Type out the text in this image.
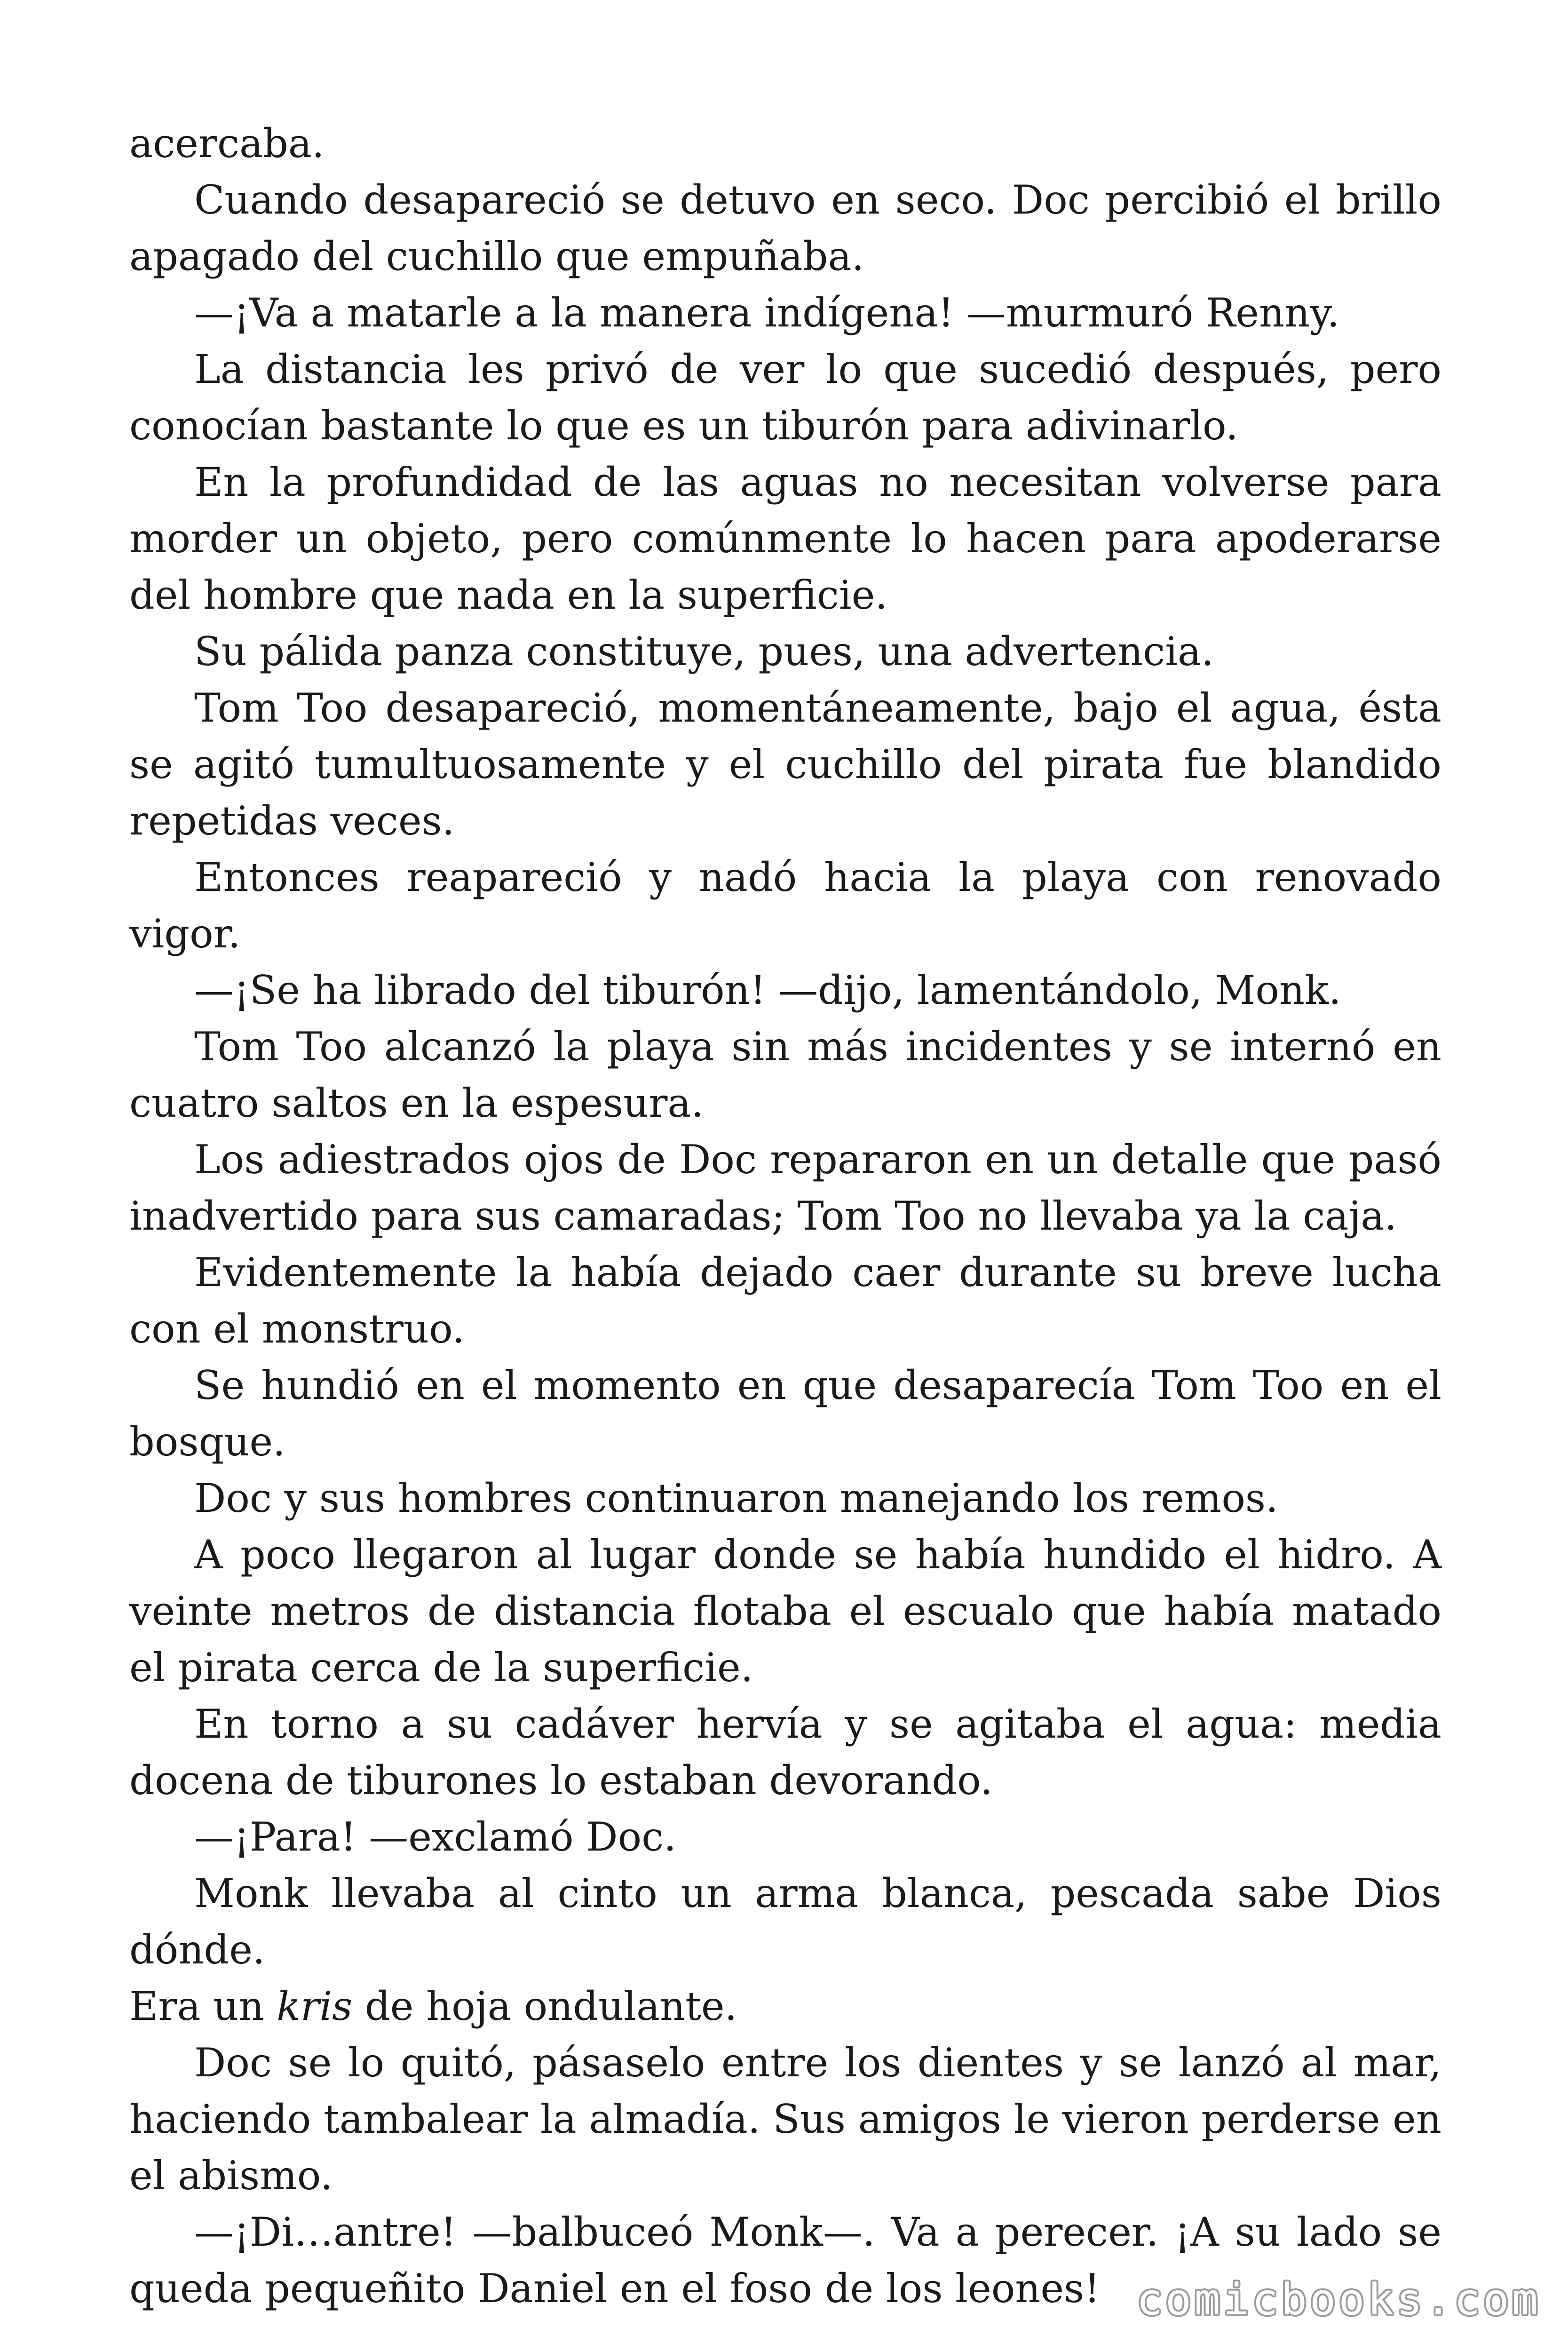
acercaba.

Cuando desapareció se detuvo en seco. Doc percibió el brillo apagado del cuchillo que empuñaba.

—¡Va a matarle a la manera indígena! —murmuró Renny.

La distancia les privó de ver lo que sucedió después, pero conocían bastante lo que es un tiburón para adivinarlo.

En la profundidad de las aguas no necesitan volverse para morder un objeto, pero comúnmente lo hacen para apoderarse del hombre que nada en la superficie.

Su pálida panza constituye, pues, una advertencia.

Tom Too desapareció, momentáneamente, bajo el agua, ésta se agitó tumultuosamente y el cuchillo del pirata fue blandido repetidas veces.

Entonces reapareció y nadó hacia la playa con renovado vigor.

—¡Se ha librado del tiburón! —dijo, lamentándolo, Monk.

Tom Too alcanzó la playa sin más incidentes y se internó en cuatro saltos en la espesura.

Los adiestrados ojos de Doc repararon en un detalle que pasó inadvertido para sus camaradas; Tom Too no llevaba ya la caja.

Evidentemente la había dejado caer durante su breve lucha con el monstruo.

Se hundió en el momento en que desaparecía Tom Too en el bosque.

Doc y sus hombres continuaron manejando los remos.

A poco llegaron al lugar donde se había hundido el hidro. A veinte metros de distancia flotaba el escualo que había matado el pirata cerca de la superficie.

En torno a su cadáver hervía y se agitaba el agua: media docena de tiburones lo estaban devorando.

—¡Para! —exclamó Doc.

Monk llevaba al cinto un arma blanca, pescada sabe Dios dónde.
Era un kris de hoja ondulante.

Doc se lo quitó, pásaselo entre los dientes y se lanzó al mar, haciendo tambalear la almadía. Sus amigos le vieron perderse en el abismo.

—¡Di…antre! —balbuceó Monk—. Va a perecer. ¡A su lado se queda pequeñito Daniel en el foso de los leones! comicbooks.com
